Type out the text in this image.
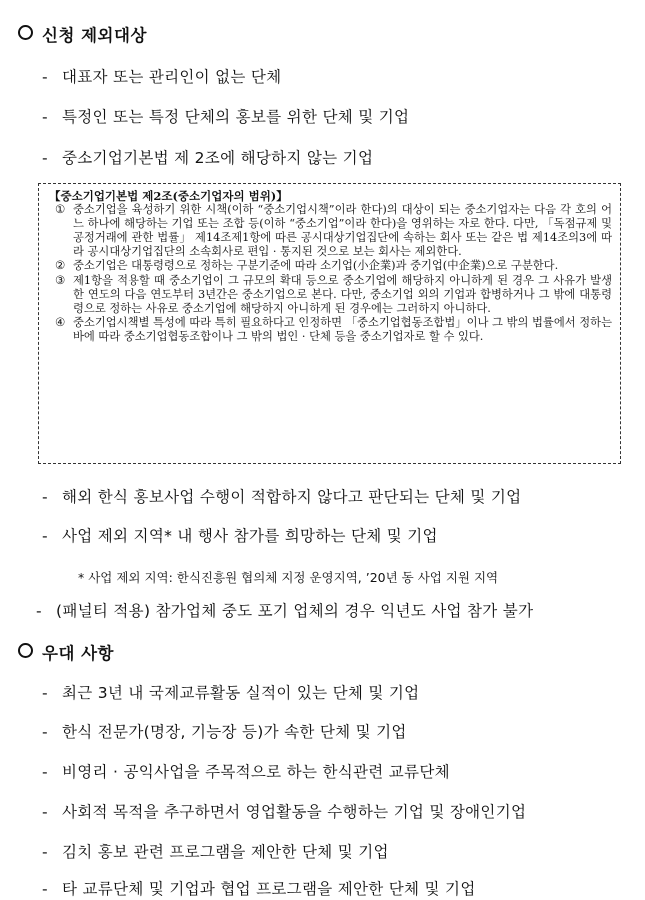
신청 제외대상
- 대표자 또는 관리인이 없는 단체
- 특정인 또는 특정 단체의 홍보를 위한 단체 및 기업
- 중소기업기본법 제 2조에 해당하지 않는 기업
【중소기업기본법 제2조(중소기업자의 범위)】
① 중소기업을 육성하기 위한 시책(이하 “중소기업시책”이라 한다)의 대상이 되는 중소기업자는 다음 각 호의 어느 하나에 해당하는 기업 또는 조합 등(이하 “중소기업”이라 한다)을 영위하는 자로 한다. 다만, 「독점규제 및 공정거래에 관한 법률」 제14조제1항에 따른 공시대상기업집단에 속하는 회사 또는 같은 법 제14조의3에 따라 공시대상기업집단의 소속회사로 편입 · 통지된 것으로 보는 회사는 제외한다.
② 중소기업은 대통령령으로 정하는 구분기준에 따라 소기업(小企業)과 중기업(中企業)으로 구분한다.
③ 제1항을 적용할 때 중소기업이 그 규모의 확대 등으로 중소기업에 해당하지 아니하게 된 경우 그 사유가 발생한 연도의 다음 연도부터 3년간은 중소기업으로 본다. 다만, 중소기업 외의 기업과 합병하거나 그 밖에 대통령령으로 정하는 사유로 중소기업에 해당하지 아니하게 된 경우에는 그러하지 아니하다.
④ 중소기업시책별 특성에 따라 특히 필요하다고 인정하면 「중소기업협동조합법」이나 그 밖의 법률에서 정하는 바에 따라 중소기업협동조합이나 그 밖의 법인 · 단체 등을 중소기업자로 할 수 있다.
- 해외 한식 홍보사업 수행이 적합하지 않다고 판단되는 단체 및 기업
- 사업 제외 지역* 내 행사 참가를 희망하는 단체 및 기업
* 사업 제외 지역: 한식진흥원 협의체 지정 운영지역, ’20년 동 사업 지원 지역
- (패널티 적용) 참가업체 중도 포기 업체의 경우 익년도 사업 참가 불가
우대 사항
- 최근 3년 내 국제교류활동 실적이 있는 단체 및 기업
- 한식 전문가(명장, 기능장 등)가 속한 단체 및 기업
- 비영리 · 공익사업을 주목적으로 하는 한식관련 교류단체
- 사회적 목적을 추구하면서 영업활동을 수행하는 기업 및 장애인기업
- 김치 홍보 관련 프로그램을 제안한 단체 및 기업
- 타 교류단체 및 기업과 협업 프로그램을 제안한 단체 및 기업
